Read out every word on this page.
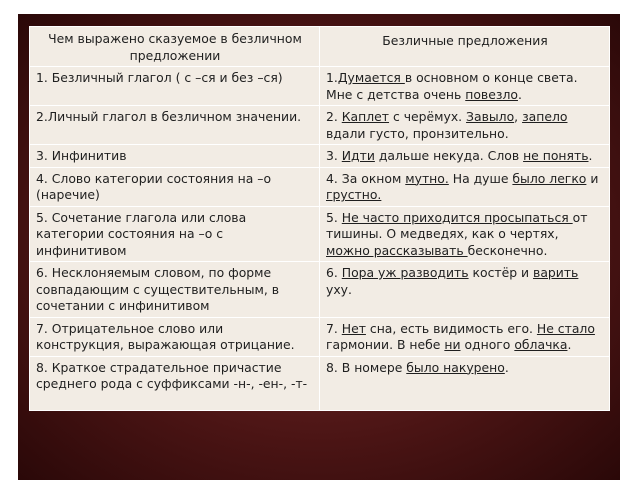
Чем выражено сказуемое в безличном предложении	Безличные предложения
1. Безличный глагол ( с –ся и без –ся)	1.Думается в основном о конце света. Мне с детства очень повезло.
2.Личный глагол в безличном значении.	2. Каплет с черёмух. Завыло, запело вдали густо, пронзительно.
3. Инфинитив	3. Идти дальше некуда. Слов не понять.
4. Слово категории состояния на –о (наречие)	4. За окном мутно. На душе было легко и грустно.
5. Сочетание глагола или слова категории состояния на –о с инфинитивом	5. Не часто приходится просыпаться от тишины. О медведях, как о чертях, можно рассказывать бесконечно.
6. Несклоняемым словом, по форме совпадающим с существительным, в сочетании с инфинитивом	6. Пора уж разводить костёр и варить уху.
7. Отрицательное слово или конструкция, выражающая отрицание.	7. Нет сна, есть видимость его. Не стало гармонии. В небе ни одного облачка.
8. Краткое страдательное причастие среднего рода с суффиксами -н-, -ен-, -т-	8. В номере было накурено.
